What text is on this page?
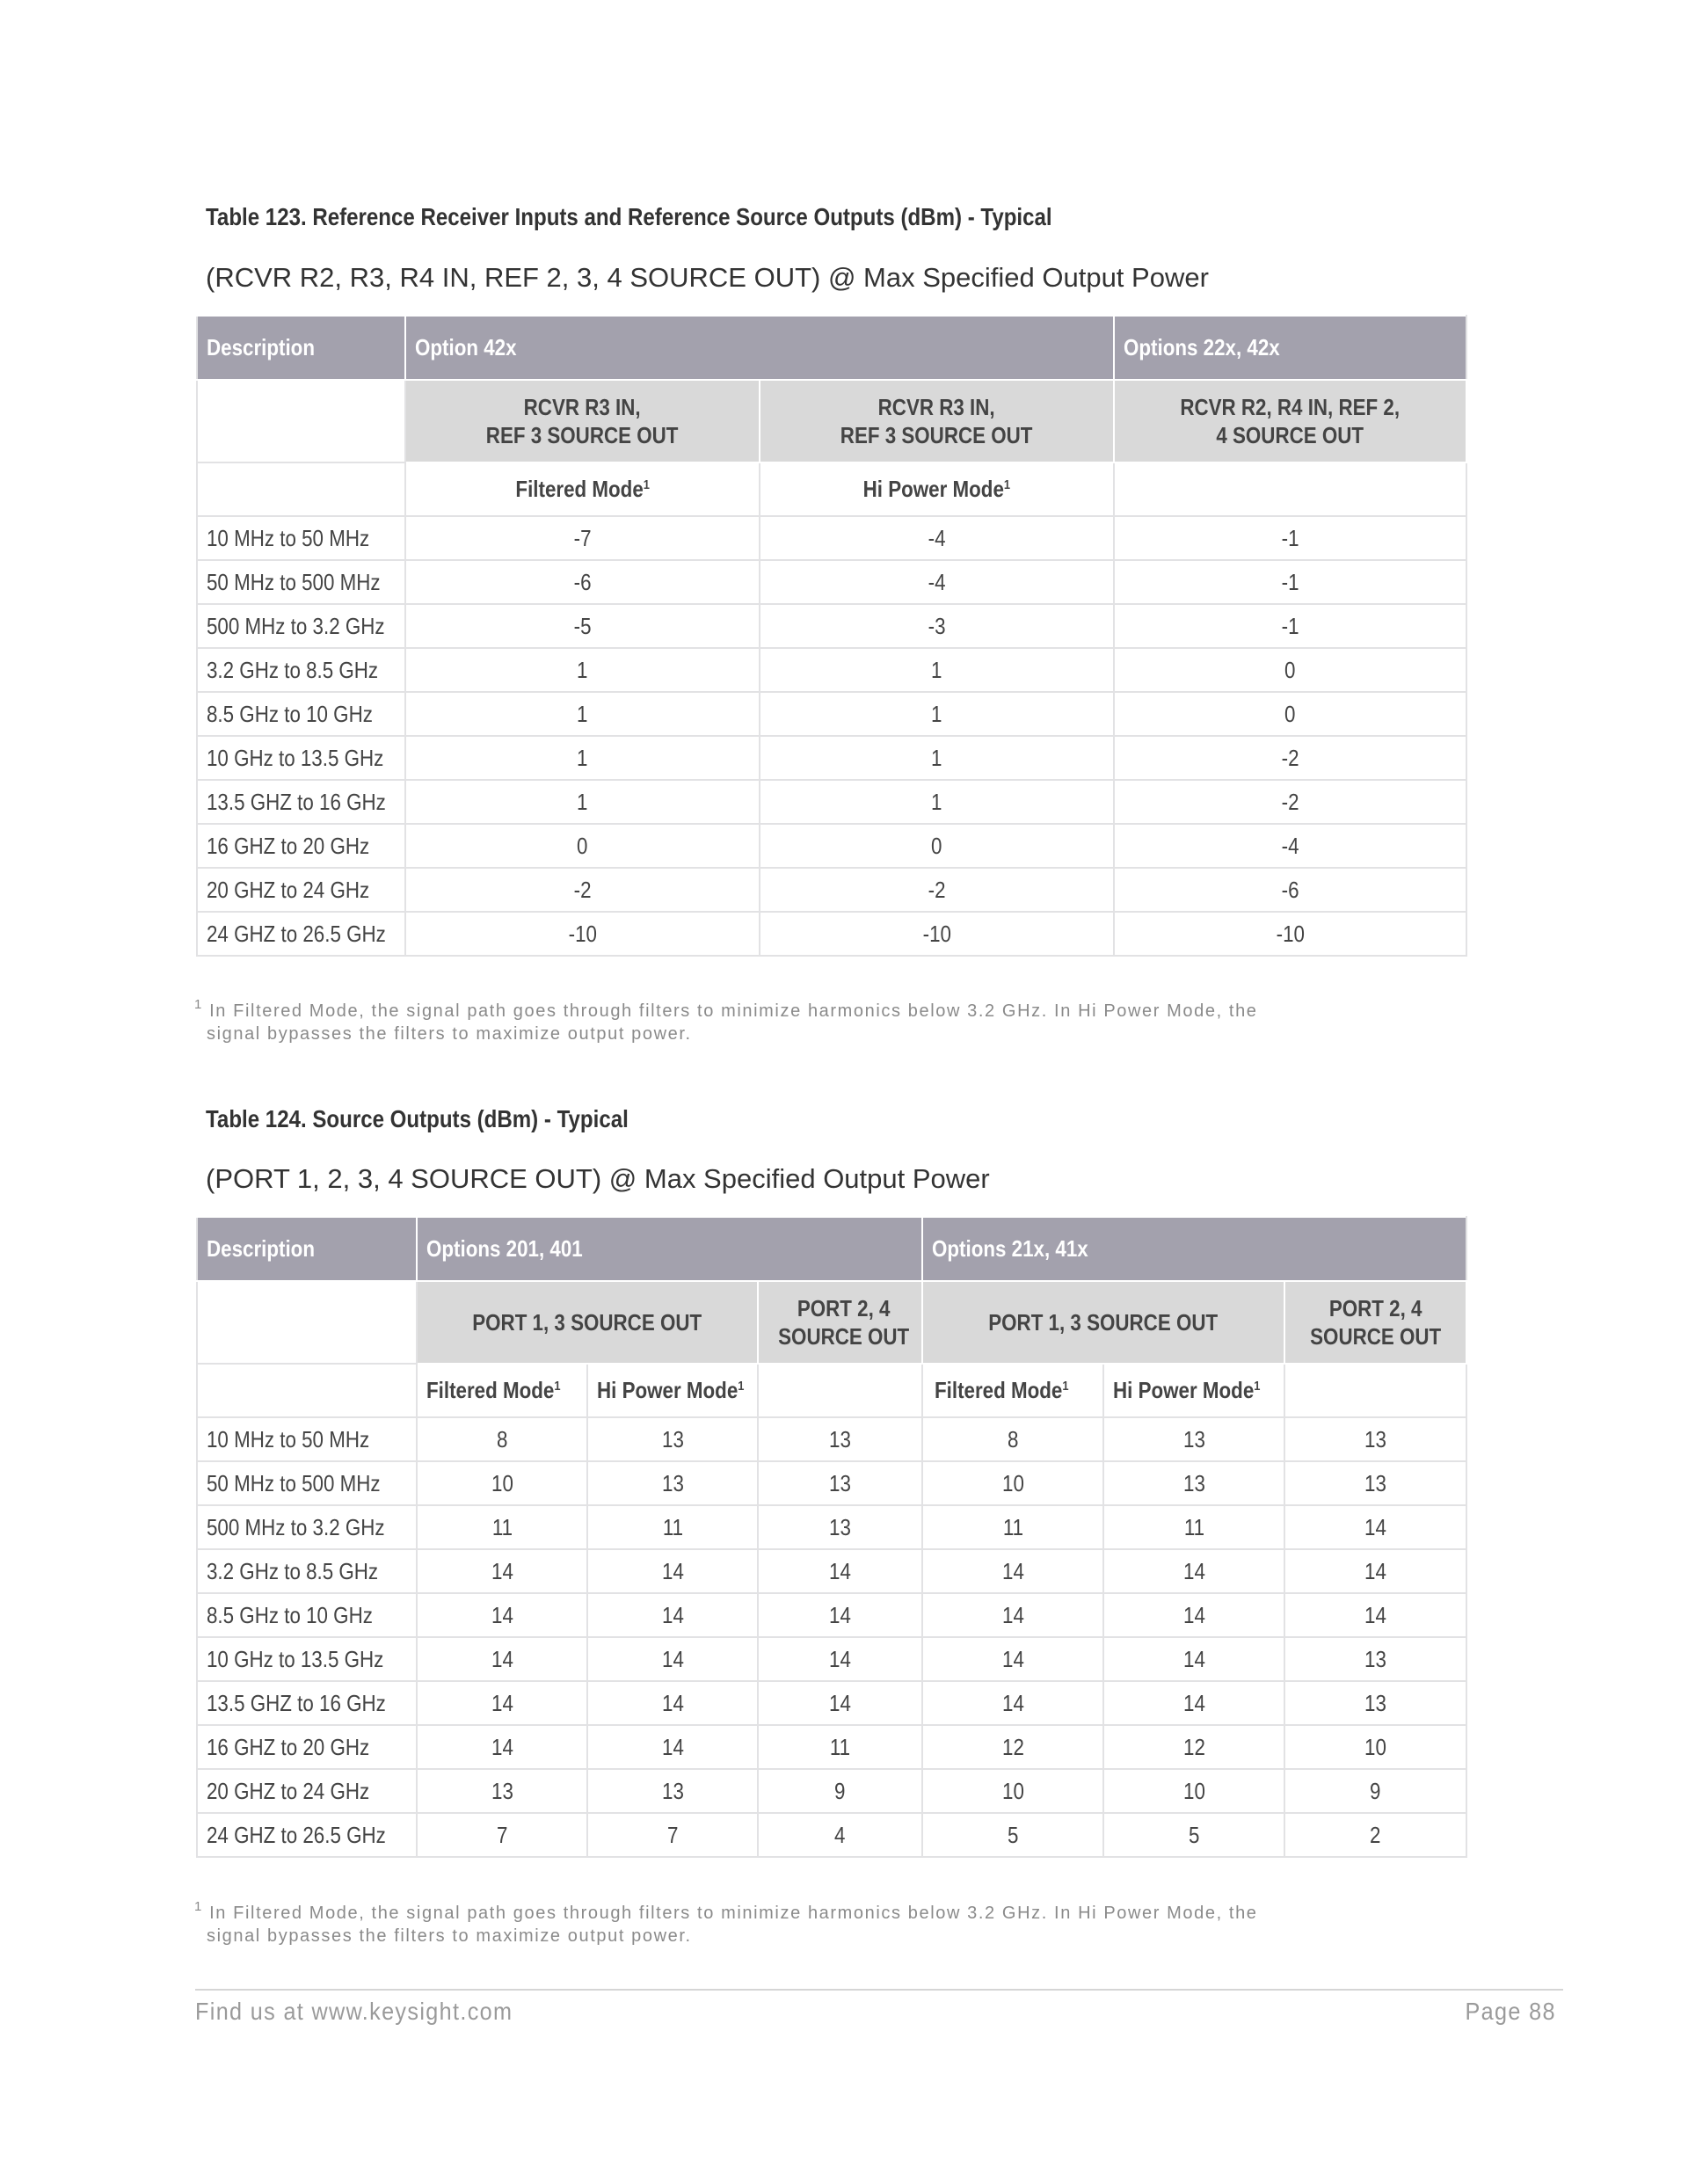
Table 123. Reference Receiver Inputs and Reference Source Outputs (dBm) - Typical
(RCVR R2, R3, R4 IN, REF 2, 3, 4 SOURCE OUT) @ Max Specified Output Power
Description	Option 42x		Options 22x, 42x
	RCVR R3 IN,
REF 3 SOURCE OUT	RCVR R3 IN,
REF 3 SOURCE OUT	RCVR R2, R4 IN, REF 2,
4 SOURCE OUT
	Filtered Mode$^1$	Hi Power Mode$^1$	
10 MHz to 50 MHz	-7	-4	-1
50 MHz to 500 MHz	-6	-4	-1
500 MHz to 3.2 GHz	-5	-3	-1
3.2 GHz to 8.5 GHz	1	1	0
8.5 GHz to 10 GHz	1	1	0
10 GHz to 13.5 GHz	1	1	-2
13.5 GHZ to 16 GHz	1	1	-2
16 GHZ to 20 GHz	0	0	-4
20 GHZ to 24 GHz	-2	-2	-6
24 GHZ to 26.5 GHz	-10	-10	-10
$^1$ In Filtered Mode, the signal path goes through filters to minimize harmonics below 3.2 GHz. In Hi Power Mode, the
signal bypasses the filters to maximize output power.
Table 124. Source Outputs (dBm) - Typical
(PORT 1, 2, 3, 4 SOURCE OUT) @ Max Specified Output Power
Description	Options 201, 401			Options 21x, 41x		
	PORT 1, 3 SOURCE OUT		PORT 2, 4
SOURCE OUT	PORT 1, 3 SOURCE OUT		PORT 2, 4
SOURCE OUT
	Filtered Mode$^1$	Hi Power Mode$^1$		Filtered Mode$^1$	Hi Power Mode$^1$	
10 MHz to 50 MHz	8	13	13	8	13	13
50 MHz to 500 MHz	10	13	13	10	13	13
500 MHz to 3.2 GHz	11	11	13	11	11	14
3.2 GHz to 8.5 GHz	14	14	14	14	14	14
8.5 GHz to 10 GHz	14	14	14	14	14	14
10 GHz to 13.5 GHz	14	14	14	14	14	13
13.5 GHZ to 16 GHz	14	14	14	14	14	13
16 GHZ to 20 GHz	14	14	11	12	12	10
20 GHZ to 24 GHz	13	13	9	10	10	9
24 GHZ to 26.5 GHz	7	7	4	5	5	2
$^1$ In Filtered Mode, the signal path goes through filters to minimize harmonics below 3.2 GHz. In Hi Power Mode, the
signal bypasses the filters to maximize output power.
Find us at www.keysight.com	Page 88
